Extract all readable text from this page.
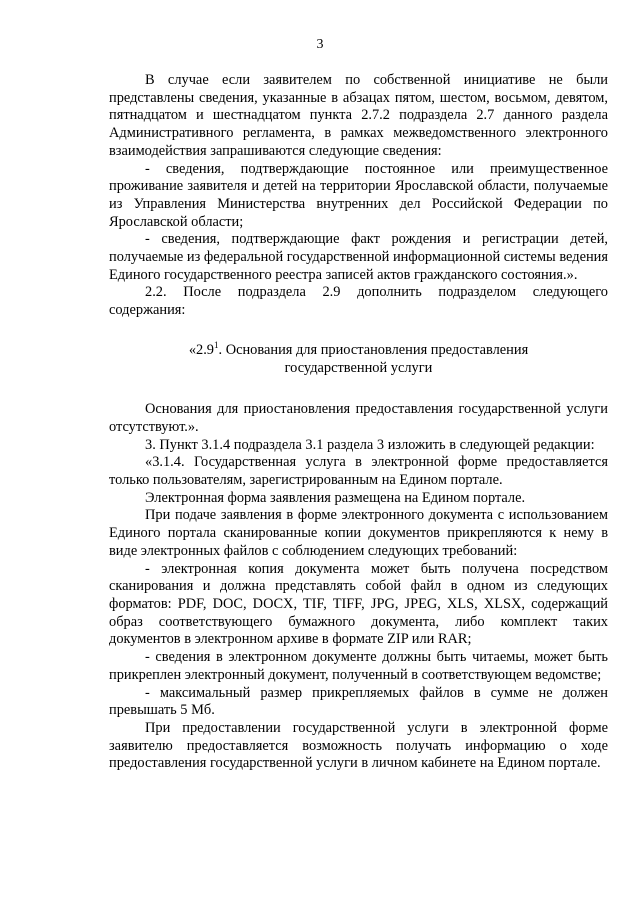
3

В случае если заявителем по собственной инициативе не были представлены сведения, указанные в абзацах пятом, шестом, восьмом, девятом, пятнадцатом и шестнадцатом пункта 2.7.2 подраздела 2.7 данного раздела Административного регламента, в рамках межведомственного электронного взаимодействия запрашиваются следующие сведения:

- сведения, подтверждающие постоянное или преимущественное проживание заявителя и детей на территории Ярославской области, получаемые из Управления Министерства внутренних дел Российской Федерации по Ярославской области;

- сведения, подтверждающие факт рождения и регистрации детей, получаемые из федеральной государственной информационной системы ведения Единого государственного реестра записей актов гражданского состояния.».

2.2. После подраздела 2.9 дополнить подразделом следующего содержания:

«$2.9^1$. Основания для приостановления предоставления
государственной услуги

Основания для приостановления предоставления государственной услуги отсутствуют.».

3. Пункт 3.1.4 подраздела 3.1 раздела 3 изложить в следующей редакции:

«3.1.4. Государственная услуга в электронной форме предоставляется только пользователям, зарегистрированным на Едином портале.

Электронная форма заявления размещена на Едином портале.

При подаче заявления в форме электронного документа с использованием Единого портала сканированные копии документов прикрепляются к нему в виде электронных файлов с соблюдением следующих требований:

- электронная копия документа может быть получена посредством сканирования и должна представлять собой файл в одном из следующих форматов: PDF, DOC, DOCX, TIF, TIFF, JPG, JPEG, XLS, XLSX, содержащий образ соответствующего бумажного документа, либо комплект таких документов в электронном архиве в формате ZIP или RAR;

- сведения в электронном документе должны быть читаемы, может быть прикреплен электронный документ, полученный в соответствующем ведомстве;

- максимальный размер прикрепляемых файлов в сумме не должен превышать 5 Мб.

При предоставлении государственной услуги в электронной форме заявителю предоставляется возможность получать информацию о ходе предоставления государственной услуги в личном кабинете на Едином портале.
